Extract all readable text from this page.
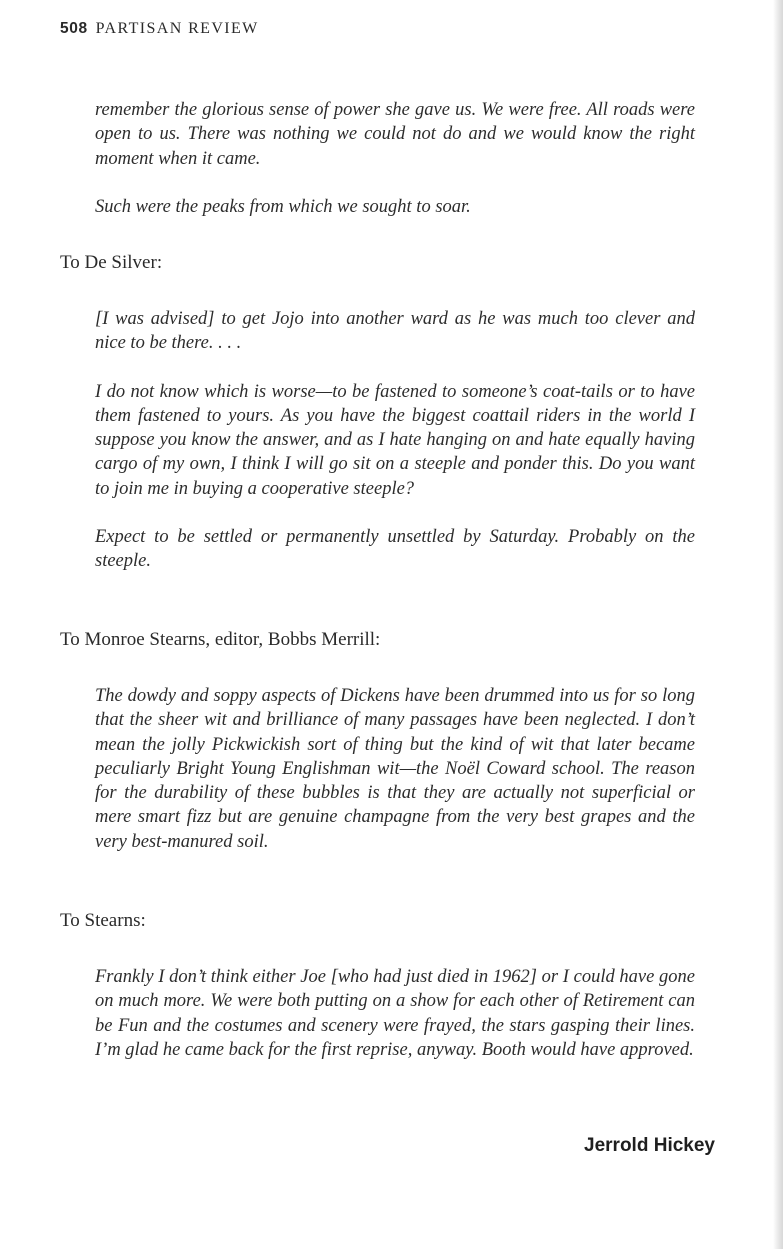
508 PARTISAN REVIEW

remember the glorious sense of power she gave us. We were free. All roads were open to us. There was nothing we could not do and we would know the right moment when it came.

Such were the peaks from which we sought to soar.

To De Silver:

[I was advised] to get Jojo into another ward as he was much too clever and nice to be there. . . .

I do not know which is worse—to be fastened to someone’s coat-tails or to have them fastened to yours. As you have the biggest coattail riders in the world I suppose you know the answer, and as I hate hanging on and hate equally having cargo of my own, I think I will go sit on a steeple and ponder this. Do you want to join me in buying a cooperative steeple?

Expect to be settled or permanently unsettled by Saturday. Probably on the steeple.

To Monroe Stearns, editor, Bobbs Merrill:

The dowdy and soppy aspects of Dickens have been drummed into us for so long that the sheer wit and brilliance of many passages have been neglected. I don’t mean the jolly Pickwickish sort of thing but the kind of wit that later became peculiarly Bright Young Englishman wit—the Noël Coward school. The reason for the durability of these bubbles is that they are actually not superficial or mere smart fizz but are genuine champagne from the very best grapes and the very best-manured soil.

To Stearns:

Frankly I don’t think either Joe [who had just died in 1962] or I could have gone on much more. We were both putting on a show for each other of Retirement can be Fun and the costumes and scenery were frayed, the stars gasping their lines. I’m glad he came back for the first reprise, anyway. Booth would have approved.

Jerrold Hickey
